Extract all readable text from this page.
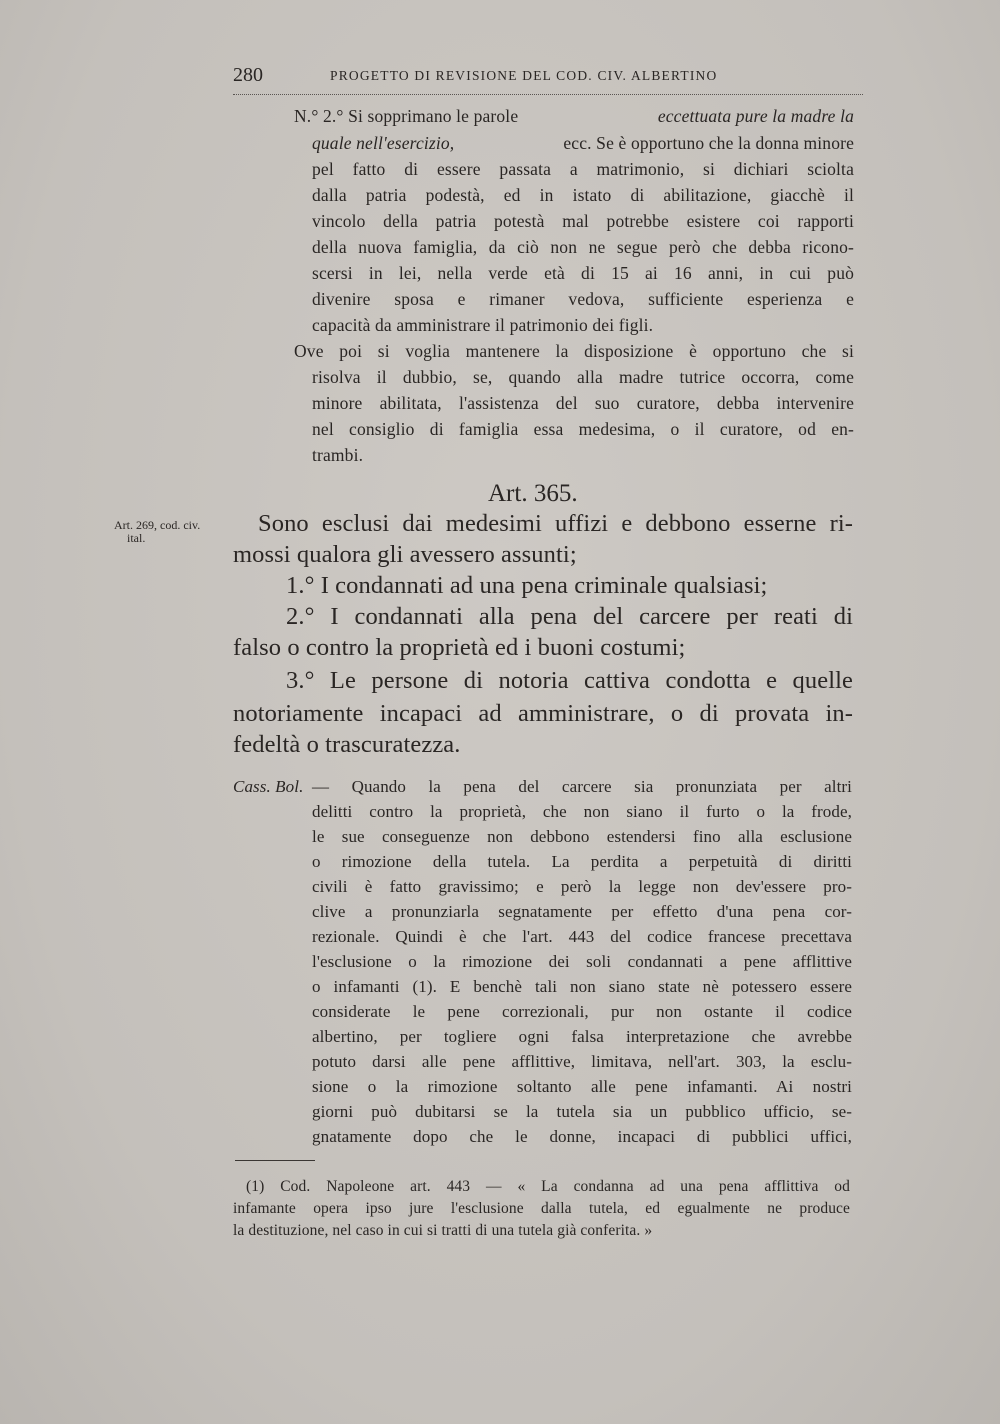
280	PROGETTO DI REVISIONE DEL COD. CIV. ALBERTINO
N.° 2.° Si sopprimano le parole	eccettuata pure la madre la
quale nell'esercizio,	ecc. Se è opportuno che la donna minore
pel fatto di essere passata a matrimonio, si dichiari sciolta
dalla patria podestà, ed in istato di abilitazione, giacchè il
vincolo della patria potestà mal potrebbe esistere coi rapporti
della nuova famiglia, da ciò non ne segue però che debba ricono-
scersi in lei, nella verde età di 15 ai 16 anni, in cui può
divenire sposa e rimaner vedova, sufficiente esperienza e
capacità da amministrare il patrimonio dei figli.
Ove poi si voglia mantenere la disposizione è opportuno che si
risolva il dubbio, se, quando alla madre tutrice occorra, come
minore abilitata, l'assistenza del suo curatore, debba intervenire
nel consiglio di famiglia essa medesima, o il curatore, od en-
trambi.
Art. 365.
Art. 269, cod. civ.
ital.
Sono esclusi dai medesimi uffizi e debbono esserne ri-
mossi qualora gli avessero assunti;
1.° I condannati ad una pena criminale qualsiasi;
2.° I condannati alla pena del carcere per reati di
falso o contro la proprietà ed i buoni costumi;
3.° Le persone di notoria cattiva condotta e quelle
notoriamente incapaci ad amministrare, o di provata in-
fedeltà o trascuratezza.
Cass. Bol. — Quando la pena del carcere sia pronunziata per altri
delitti contro la proprietà, che non siano il furto o la frode,
le sue conseguenze non debbono estendersi fino alla esclusione
o rimozione della tutela. La perdita a perpetuità di diritti
civili è fatto gravissimo; e però la legge non dev'essere pro-
clive a pronunziarla segnatamente per effetto d'una pena cor-
rezionale. Quindi è che l'art. 443 del codice francese precettava
l'esclusione o la rimozione dei soli condannati a pene afflittive
o infamanti (1). E benchè tali non siano state nè potessero essere
considerate le pene correzionali, pur non ostante il codice
albertino, per togliere ogni falsa interpretazione che avrebbe
potuto darsi alle pene afflittive, limitava, nell'art. 303, la esclu-
sione o la rimozione soltanto alle pene infamanti. Ai nostri
giorni può dubitarsi se la tutela sia un pubblico ufficio, se-
gnatamente dopo che le donne, incapaci di pubblici uffici,
(1) Cod. Napoleone art. 443 — « La condanna ad una pena afflittiva od
infamante opera ipso jure l'esclusione dalla tutela, ed egualmente ne produce
la destituzione, nel caso in cui si tratti di una tutela già conferita. »
